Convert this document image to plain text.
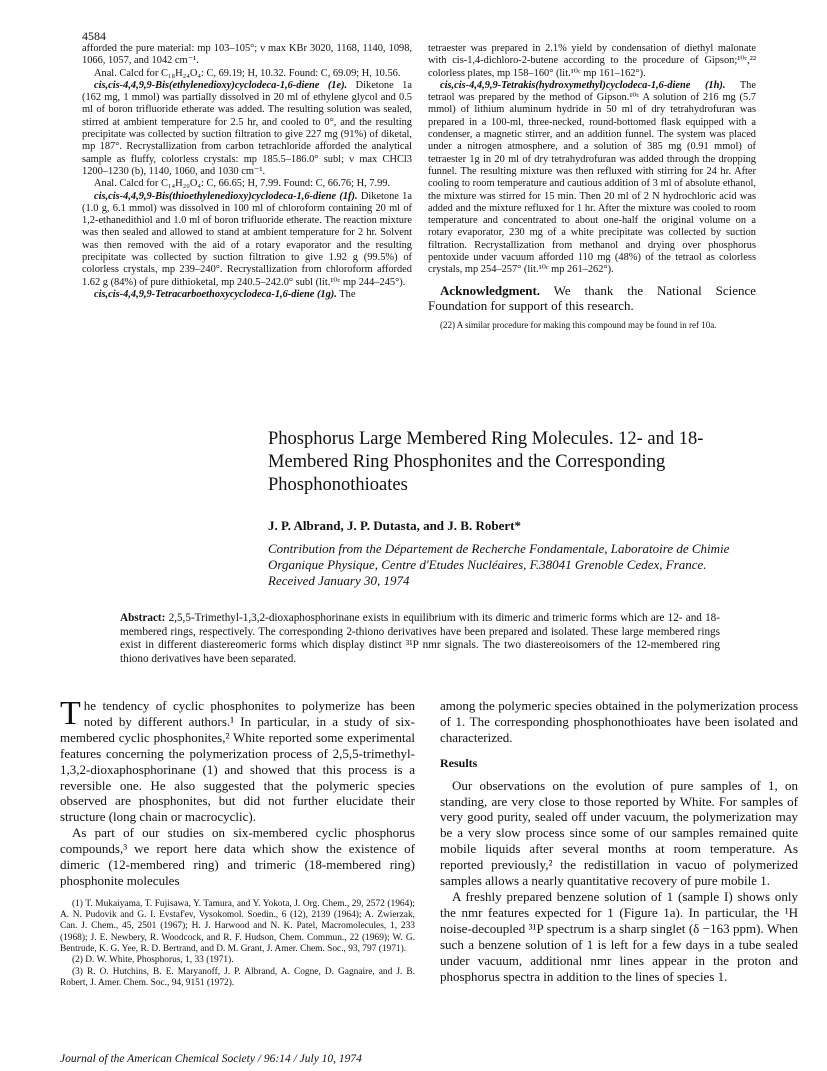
4584

afforded the pure material: mp 103–105°; ν max KBr 3020, 1168, 1140, 1098, 1066, 1057, and 1042 cm⁻¹.

Anal. Calcd for C₁₈H₂₄O₄: C, 69.19; H, 10.32. Found: C, 69.09; H, 10.56.

cis,cis-4,4,9,9-Bis(ethylenedioxy)cyclodeca-1,6-diene (1e). Diketone 1a (162 mg, 1 mmol) was partially dissolved in 20 ml of ethylene glycol and 0.5 ml of boron trifluoride etherate was added. The resulting solution was sealed, stirred at ambient temperature for 2.5 hr, and cooled to 0°, and the resulting precipitate was collected by suction filtration to give 227 mg (91%) of diketal, mp 187°. Recrystallization from carbon tetrachloride afforded the analytical sample as fluffy, colorless crystals: mp 185.5–186.0° subl; ν max CHCl3 1200–1230 (b), 1140, 1060, and 1030 cm⁻¹.

Anal. Calcd for C₁₄H₂₀O₄: C, 66.65; H, 7.99. Found: C, 66.76; H, 7.99.

cis,cis-4,4,9,9-Bis(thioethylenedioxy)cyclodeca-1,6-diene (1f). Diketone 1a (1.0 g, 6.1 mmol) was dissolved in 100 ml of chloroform containing 20 ml of 1,2-ethanedithiol and 1.0 ml of boron trifluoride etherate. The reaction mixture was then sealed and allowed to stand at ambient temperature for 2 hr. Solvent was then removed with the aid of a rotary evaporator and the resulting precipitate was collected by suction filtration to give 1.92 g (99.5%) of colorless crystals, mp 239–240°. Recrystallization from chloroform afforded 1.62 g (84%) of pure dithioketal, mp 240.5–242.0° subl (lit.¹⁰ᶜ mp 244–245°).

cis,cis-4,4,9,9-Tetracarboethoxycyclodeca-1,6-diene (1g). The

tetraester was prepared in 2.1% yield by condensation of diethyl malonate with cis-1,4-dichloro-2-butene according to the procedure of Gipson;¹⁰ᶜ,²² colorless plates, mp 158–160° (lit.¹⁰ᶜ mp 161–162°).

cis,cis-4,4,9,9-Tetrakis(hydroxymethyl)cyclodeca-1,6-diene (1h). The tetraol was prepared by the method of Gipson.¹⁰ᶜ A solution of 216 mg (5.7 mmol) of lithium aluminum hydride in 50 ml of dry tetrahydrofuran was prepared in a 100-ml, three-necked, round-bottomed flask equipped with a condenser, a magnetic stirrer, and an addition funnel. The system was placed under a nitrogen atmosphere, and a solution of 385 mg (0.91 mmol) of tetraester 1g in 20 ml of dry tetrahydrofuran was added through the dropping funnel. The resulting mixture was then refluxed with stirring for 24 hr. After cooling to room temperature and cautious addition of 3 ml of absolute ethanol, the mixture was stirred for 15 min. Then 20 ml of 2 N hydrochloric acid was added and the mixture refluxed for 1 hr. After the mixture was cooled to room temperature and concentrated to about one-half the original volume on a rotary evaporator, 230 mg of a white precipitate was collected by suction filtration. Recrystallization from methanol and drying over phosphorus pentoxide under vacuum afforded 110 mg (48%) of the tetraol as colorless crystals, mp 254–257° (lit.¹⁰ᶜ mp 261–262°).

Acknowledgment. We thank the National Science Foundation for support of this research.

(22) A similar procedure for making this compound may be found in ref 10a.

Phosphorus Large Membered Ring Molecules. 12- and 18-Membered Ring Phosphonites and the Corresponding Phosphonothioates
J. P. Albrand, J. P. Dutasta, and J. B. Robert*
Contribution from the Département de Recherche Fondamentale, Laboratoire de Chimie Organique Physique, Centre d'Etudes Nucléaires, F.38041 Grenoble Cedex, France.  Received January 30, 1974
Abstract: 2,5,5-Trimethyl-1,3,2-dioxaphosphorinane exists in equilibrium with its dimeric and trimeric forms which are 12- and 18-membered rings, respectively. The corresponding 2-thiono derivatives have been prepared and isolated. These large membered rings exist in different diastereomeric forms which display distinct ³¹P nmr signals. The two diastereoisomers of the 12-membered ring thiono derivatives have been separated.

The tendency of cyclic phosphonites to polymerize has been noted by different authors.¹ In particular, in a study of six-membered cyclic phosphonites,² White reported some experimental features concerning the polymerization process of 2,5,5-trimethyl-1,3,2-dioxaphosphorinane (1) and showed that this process is a reversible one. He also suggested that the polymeric species observed are phosphonites, but did not further elucidate their structure (long chain or macrocyclic).

As part of our studies on six-membered cyclic phosphorus compounds,³ we report here data which show the existence of dimeric (12-membered ring) and trimeric (18-membered ring) phosphonite molecules

(1) T. Mukaiyama, T. Fujisawa, Y. Tamura, and Y. Yokota, J. Org. Chem., 29, 2572 (1964); A. N. Pudovik and G. I. Evstaf'ev, Vysokomol. Soedin., 6 (12), 2139 (1964); A. Zwierzak, Can. J. Chem., 45, 2501 (1967); H. J. Harwood and N. K. Patel, Macromolecules, 1, 233 (1968); J. E. Newbery, R. Woodcock, and R. F. Hudson, Chem. Commun., 22 (1969); W. G. Bentrude, K. G. Yee, R. D. Bertrand, and D. M. Grant, J. Amer. Chem. Soc., 93, 797 (1971).

(2) D. W. White, Phosphorus, 1, 33 (1971).

(3) R. O. Hutchins, B. E. Maryanoff, J. P. Albrand, A. Cogne, D. Gagnaire, and J. B. Robert, J. Amer. Chem. Soc., 94, 9151 (1972).

among the polymeric species obtained in the polymerization process of 1. The corresponding phosphonothioates have been isolated and characterized.

Results

Our observations on the evolution of pure samples of 1, on standing, are very close to those reported by White. For samples of very good purity, sealed off under vacuum, the polymerization may be a very slow process since some of our samples remained quite mobile liquids after several months at room temperature. As reported previously,² the redistillation in vacuo of polymerized samples allows a nearly quantitative recovery of pure mobile 1.

A freshly prepared benzene solution of 1 (sample I) shows only the nmr features expected for 1 (Figure 1a). In particular, the ¹H noise-decoupled ³¹P spectrum is a sharp singlet (δ −163 ppm). When such a benzene solution of 1 is left for a few days in a tube sealed under vacuum, additional nmr lines appear in the proton and phosphorus spectra in addition to the lines of species 1.

Journal of the American Chemical Society / 96:14 / July 10, 1974
